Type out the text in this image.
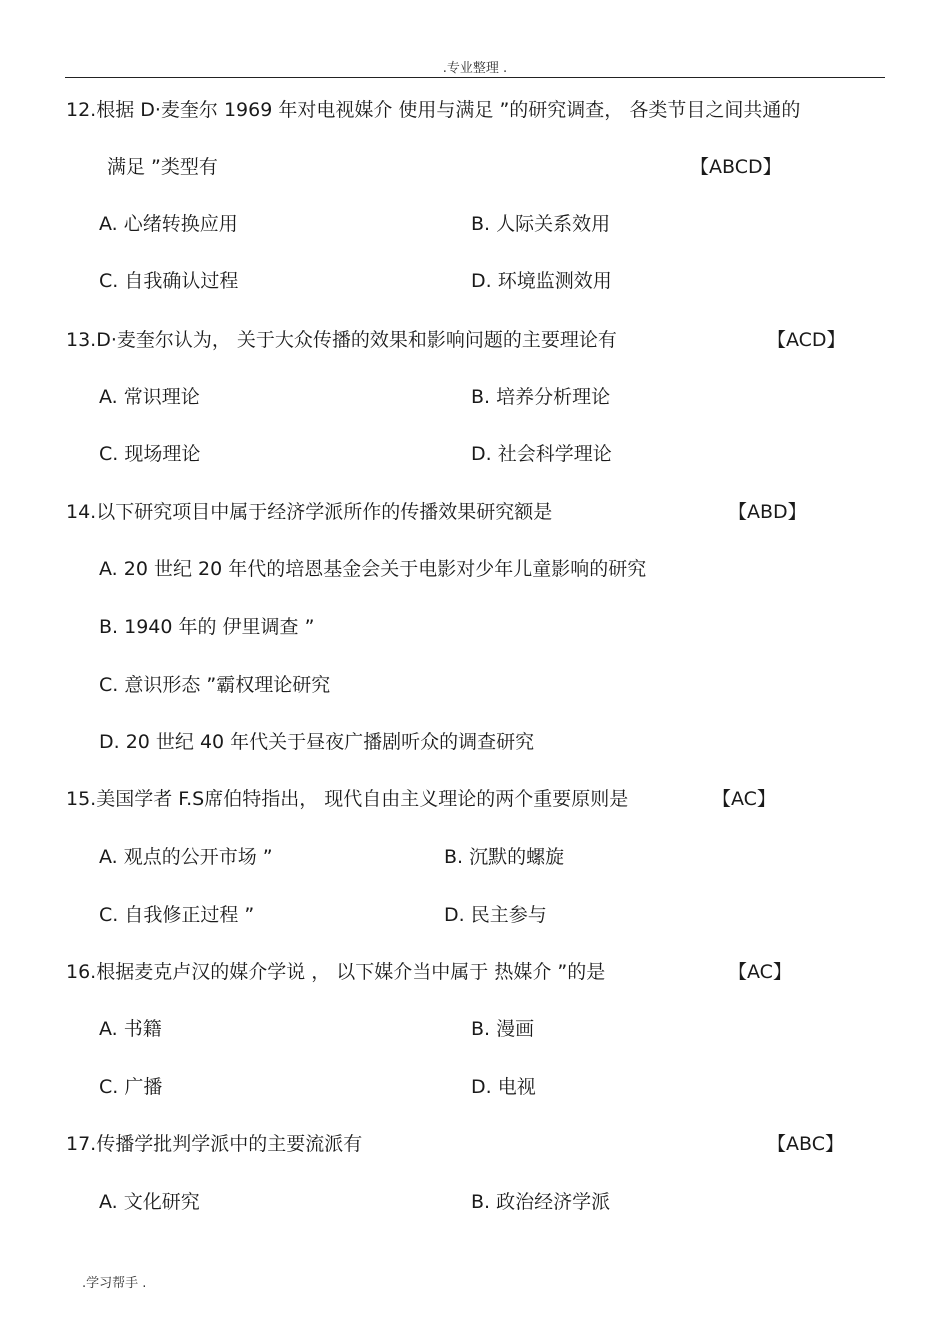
.专业整理 .
12.根据 D·麦奎尔 1969 年对电视媒介 使用与满足 ”的研究调查， 各类节目之间共通的
满足 ”类型有	【ABCD】
A. 心绪转换应用	B. 人际关系效用
C. 自我确认过程	D. 环境监测效用
13.D·麦奎尔认为， 关于大众传播的效果和影响问题的主要理论有	【ACD】
A. 常识理论	B. 培养分析理论
C. 现场理论	D. 社会科学理论
14.以下研究项目中属于经济学派所作的传播效果研究额是	【ABD】
A. 20 世纪 20 年代的培恩基金会关于电影对少年儿童影响的研究
B. 1940 年的 伊里调查 ”
C. 意识形态 ”霸权理论研究
D. 20 世纪 40 年代关于昼夜广播剧听众的调查研究
15.美国学者 F.S席伯特指出， 现代自由主义理论的两个重要原则是	【AC】
A. 观点的公开市场 ”	B. 沉默的螺旋
C. 自我修正过程 ”	D. 民主参与
16.根据麦克卢汉的媒介学说 ， 以下媒介当中属于 热媒介 ”的是	【AC】
A. 书籍	B. 漫画
C. 广播	D. 电视
17.传播学批判学派中的主要流派有	【ABC】
A. 文化研究	B. 政治经济学派
.学习帮手 .
